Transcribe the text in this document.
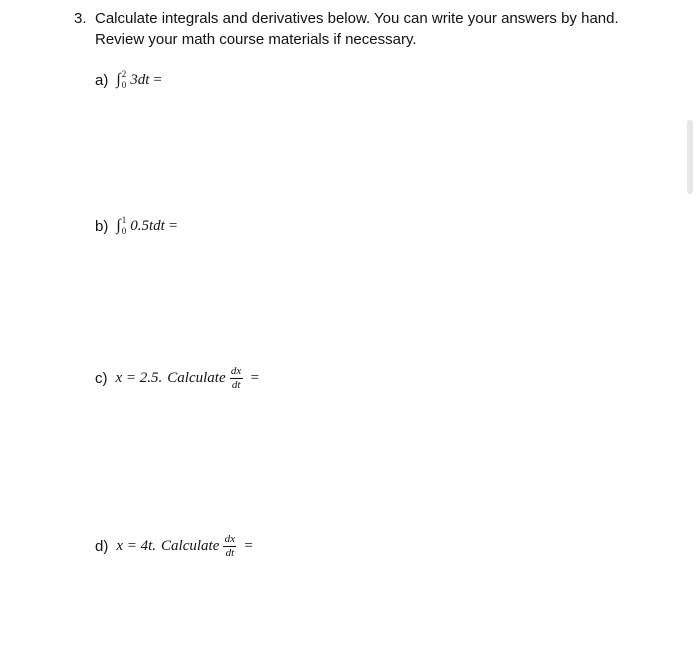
3. Calculate integrals and derivatives below. You can write your answers by hand. Review your math course materials if necessary.
a) ∫ 2
0 3dt =
b) ∫ 1
0 0.5tdt =
c) x = 2.5. Calculate $\frac{dx}{dt}$ =
d) x = 4t. Calculate $\frac{dx}{dt}$ =
